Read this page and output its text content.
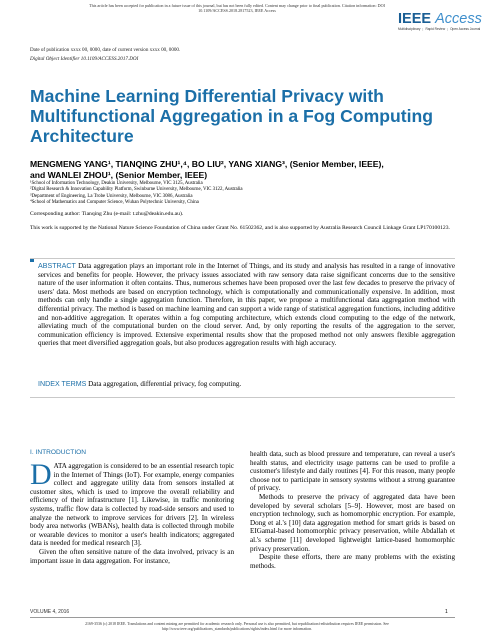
This article has been accepted for publication in a future issue of this journal, but has not been fully edited. Content may change prior to final publication. Citation information: DOI
10.1109/ACCESS.2018.2817523, IEEE Access
IEEE Access
Multidisciplinary ⋮ Rapid Review ⋮ Open Access Journal
Date of publication xxxx 00, 0000, date of current version xxxx 00, 0000.
Digital Object Identifier 10.1109/ACCESS.2017.DOI
Machine Learning Differential Privacy with Multifunctional Aggregation in a Fog Computing Architecture
MENGMENG YANG¹, TIANQING ZHU¹,⁴, BO LIU², YANG XIANG³, (Senior Member, IEEE),
and WANLEI ZHOU¹, (Senior Member, IEEE)
¹School of Information Technology, Deakin University, Melbourne, VIC 3125, Australia
²Digital Research & Innovation Capability Platform, Swinburne University, Melbourne, VIC 3122, Australia
³Department of Engineering, La Trobe University, Melbourne, VIC 3086, Australia
⁴School of Mathematics and Computer Science, Wuhan Polytechnic University, China
Corresponding author: Tianqing Zhu (e-mail: t.zhu@deakin.edu.au).
This work is supported by the National Nature Science Foundation of China under Grant No. 61502362, and is also supported by Australia Research Council Linkage Grant LP170100123.

ABSTRACT Data aggregation plays an important role in the Internet of Things, and its study and analysis has resulted in a range of innovative services and benefits for people. However, the privacy issues associated with raw sensory data raise significant concerns due to the sensitive nature of the user information it often contains. Thus, numerous schemes have been proposed over the last few decades to preserve the privacy of users' data. Most methods are based on encryption technology, which is computationally and communicationally expensive. In addition, most methods can only handle a single aggregation function. Therefore, in this paper, we propose a multifunctional data aggregation method with differential privacy. The method is based on machine learning and can support a wide range of statistical aggregation functions, including additive and non-additive aggregation. It operates within a fog computing architecture, which extends cloud computing to the edge of the network, alleviating much of the computational burden on the cloud server. And, by only reporting the results of the aggregation to the server, communication efficiency is improved. Extensive experimental results show that the proposed method not only answers flexible aggregation queries that meet diversified aggregation goals, but also produces aggregation results with high accuracy.

INDEX TERMS Data aggregation, differential privacy, fog computing.

I. INTRODUCTION

DATA aggregation is considered to be an essential research topic in the Internet of Things (IoT). For example, energy companies collect and aggregate utility data from sensors installed at customer sites, which is used to improve the overall reliability and efficiency of their infrastructure [1]. Likewise, in traffic monitoring systems, traffic flow data is collected by road-side sensors and used to analyze the network to improve services for drivers [2]. In wireless body area networks (WBANs), health data is collected through mobile or wearable devices to monitor a user's health indicators; aggregated data is needed for medical research [3].

Given the often sensitive nature of the data involved, privacy is an important issue in data aggregation. For instance,

health data, such as blood pressure and temperature, can reveal a user's health status, and electricity usage patterns can be used to profile a customer's lifestyle and daily routines [4]. For this reason, many people choose not to participate in sensory systems without a strong guarantee of privacy.

Methods to preserve the privacy of aggregated data have been developed by several scholars [5–9]. However, most are based on encryption technology, such as homomorphic encryption. For example, Dong et al.'s [10] data aggregation method for smart grids is based on EIGamal-based homomorphic privacy preservation, while Abdallah et al.'s scheme [11] developed lightweight lattice-based homomorphic privacy preservation.

Despite these efforts, there are many problems with the existing methods.

VOLUME 4, 2016	1
2169-3536 (c) 2018 IEEE. Translations and content mining are permitted for academic research only. Personal use is also permitted, but republication/redistribution requires IEEE permission. See
http://www.ieee.org/publications_standards/publications/rights/index.html for more information.
